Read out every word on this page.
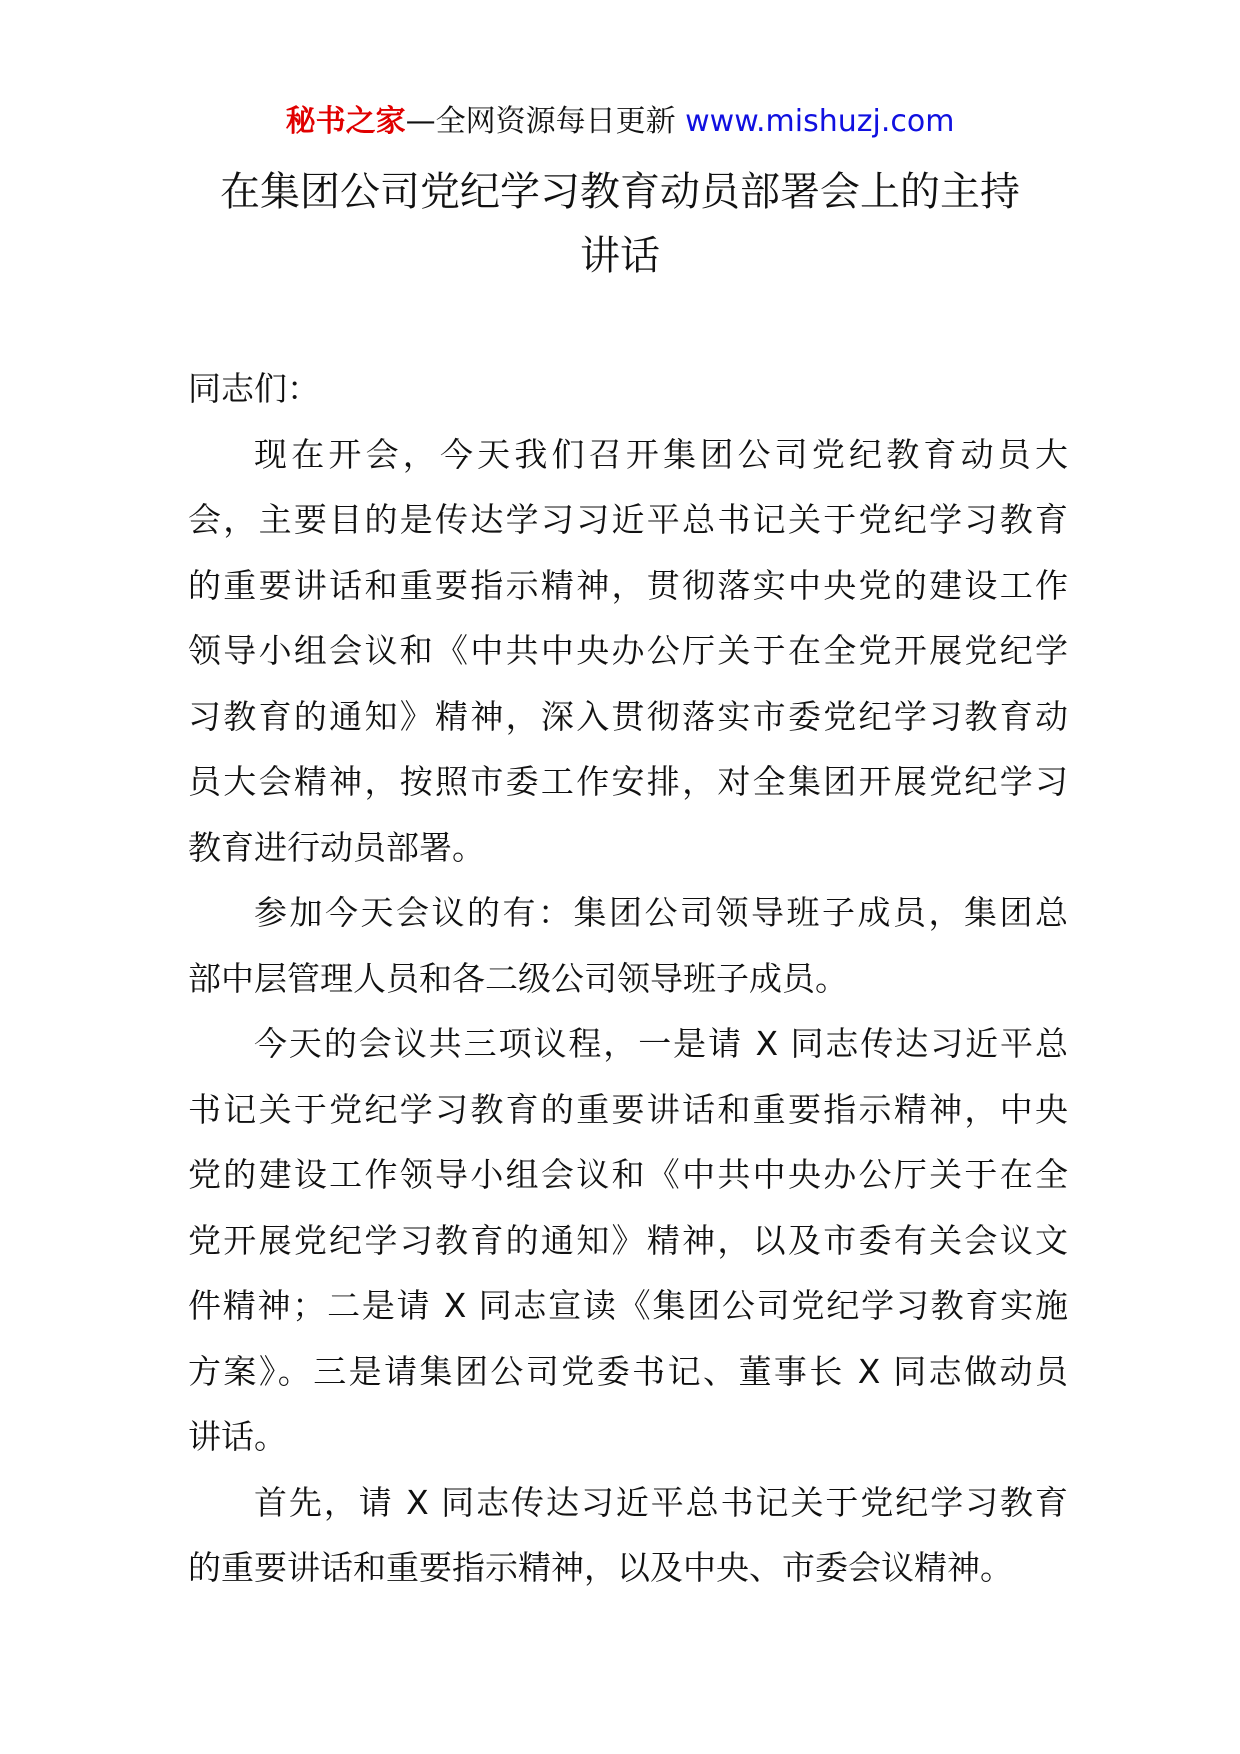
秘书之家—全网资源每日更新 www.mishuzj.com
在集团公司党纪学习教育动员部署会上的主持
讲话

同志们：

现在开会，今天我们召开集团公司党纪教育动员大
会，主要目的是传达学习习近平总书记关于党纪学习教育
的重要讲话和重要指示精神，贯彻落实中央党的建设工作
领导小组会议和《中共中央办公厅关于在全党开展党纪学
习教育的通知》精神，深入贯彻落实市委党纪学习教育动
员大会精神，按照市委工作安排，对全集团开展党纪学习
教育进行动员部署。

参加今天会议的有：集团公司领导班子成员，集团总
部中层管理人员和各二级公司领导班子成员。

今天的会议共三项议程，一是请 X 同志传达习近平总
书记关于党纪学习教育的重要讲话和重要指示精神，中央
党的建设工作领导小组会议和《中共中央办公厅关于在全
党开展党纪学习教育的通知》精神，以及市委有关会议文
件精神；二是请 X 同志宣读《集团公司党纪学习教育实施
方案》。三是请集团公司党委书记、董事长 X 同志做动员
讲话。

首先，请 X 同志传达习近平总书记关于党纪学习教育
的重要讲话和重要指示精神，以及中央、市委会议精神。
